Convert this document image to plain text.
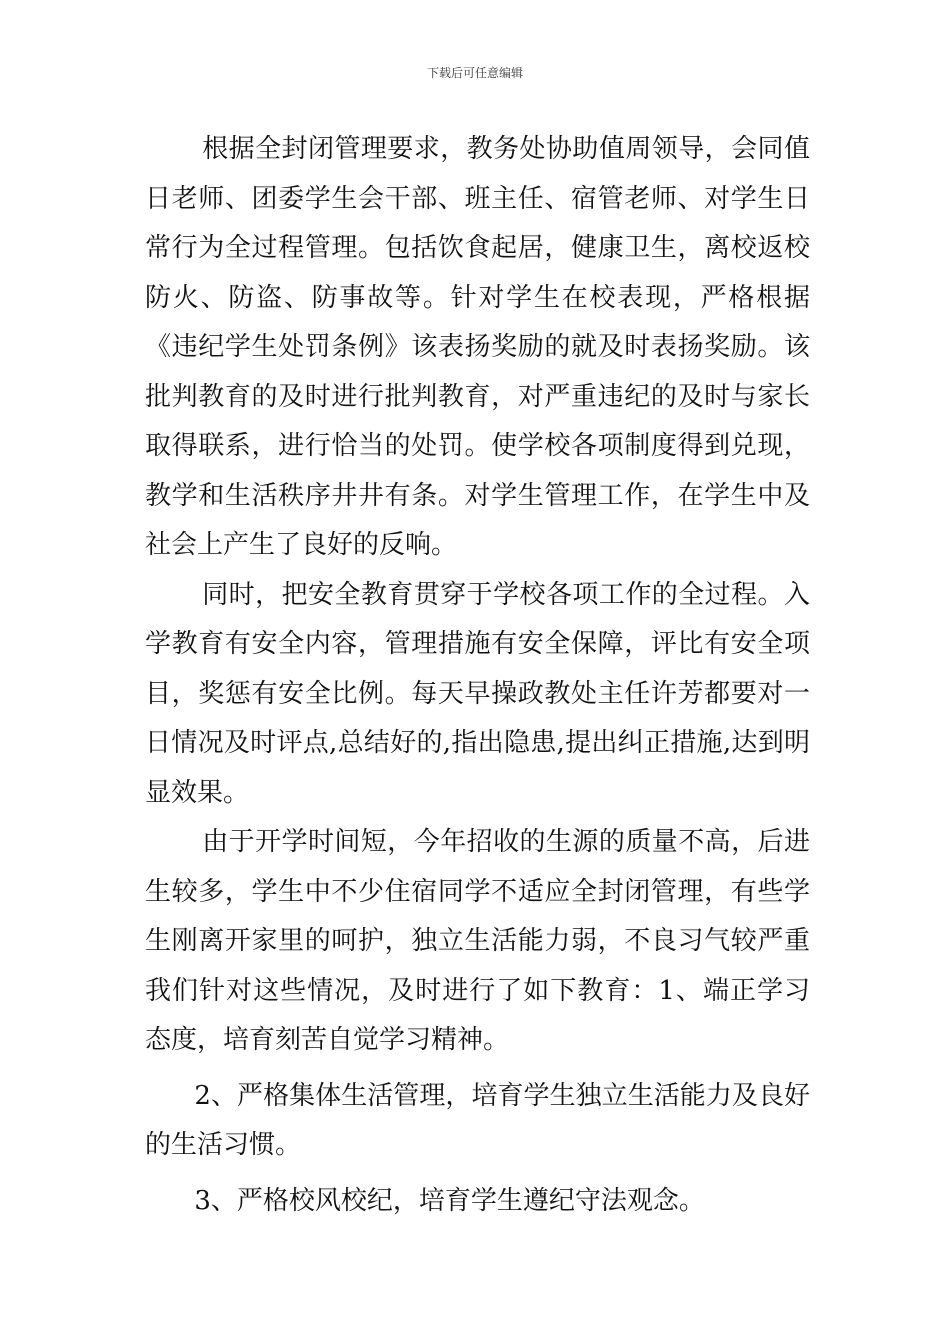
下载后可任意编辑

根据全封闭管理要求，教务处协助值周领导，会同值日老师、团委学生会干部、班主任、宿管老师、对学生日常行为全过程管理。包括饮食起居，健康卫生，离校返校防火、防盗、防事故等。针对学生在校表现，严格根据《违纪学生处罚条例》该表扬奖励的就及时表扬奖励。该批判教育的及时进行批判教育，对严重违纪的及时与家长取得联系，进行恰当的处罚。使学校各项制度得到兑现，教学和生活秩序井井有条。对学生管理工作，在学生中及社会上产生了良好的反响。

同时，把安全教育贯穿于学校各项工作的全过程。入学教育有安全内容，管理措施有安全保障，评比有安全项目，奖惩有安全比例。每天早操政教处主任许芳都要对一日情况及时评点,总结好的,指出隐患,提出纠正措施,达到明显效果。

由于开学时间短，今年招收的生源的质量不高，后进生较多，学生中不少住宿同学不适应全封闭管理，有些学生刚离开家里的呵护，独立生活能力弱，不良习气较严重我们针对这些情况，及时进行了如下教育：1、端正学习态度，培育刻苦自觉学习精神。

2、严格集体生活管理，培育学生独立生活能力及良好的生活习惯。

3、严格校风校纪，培育学生遵纪守法观念。
